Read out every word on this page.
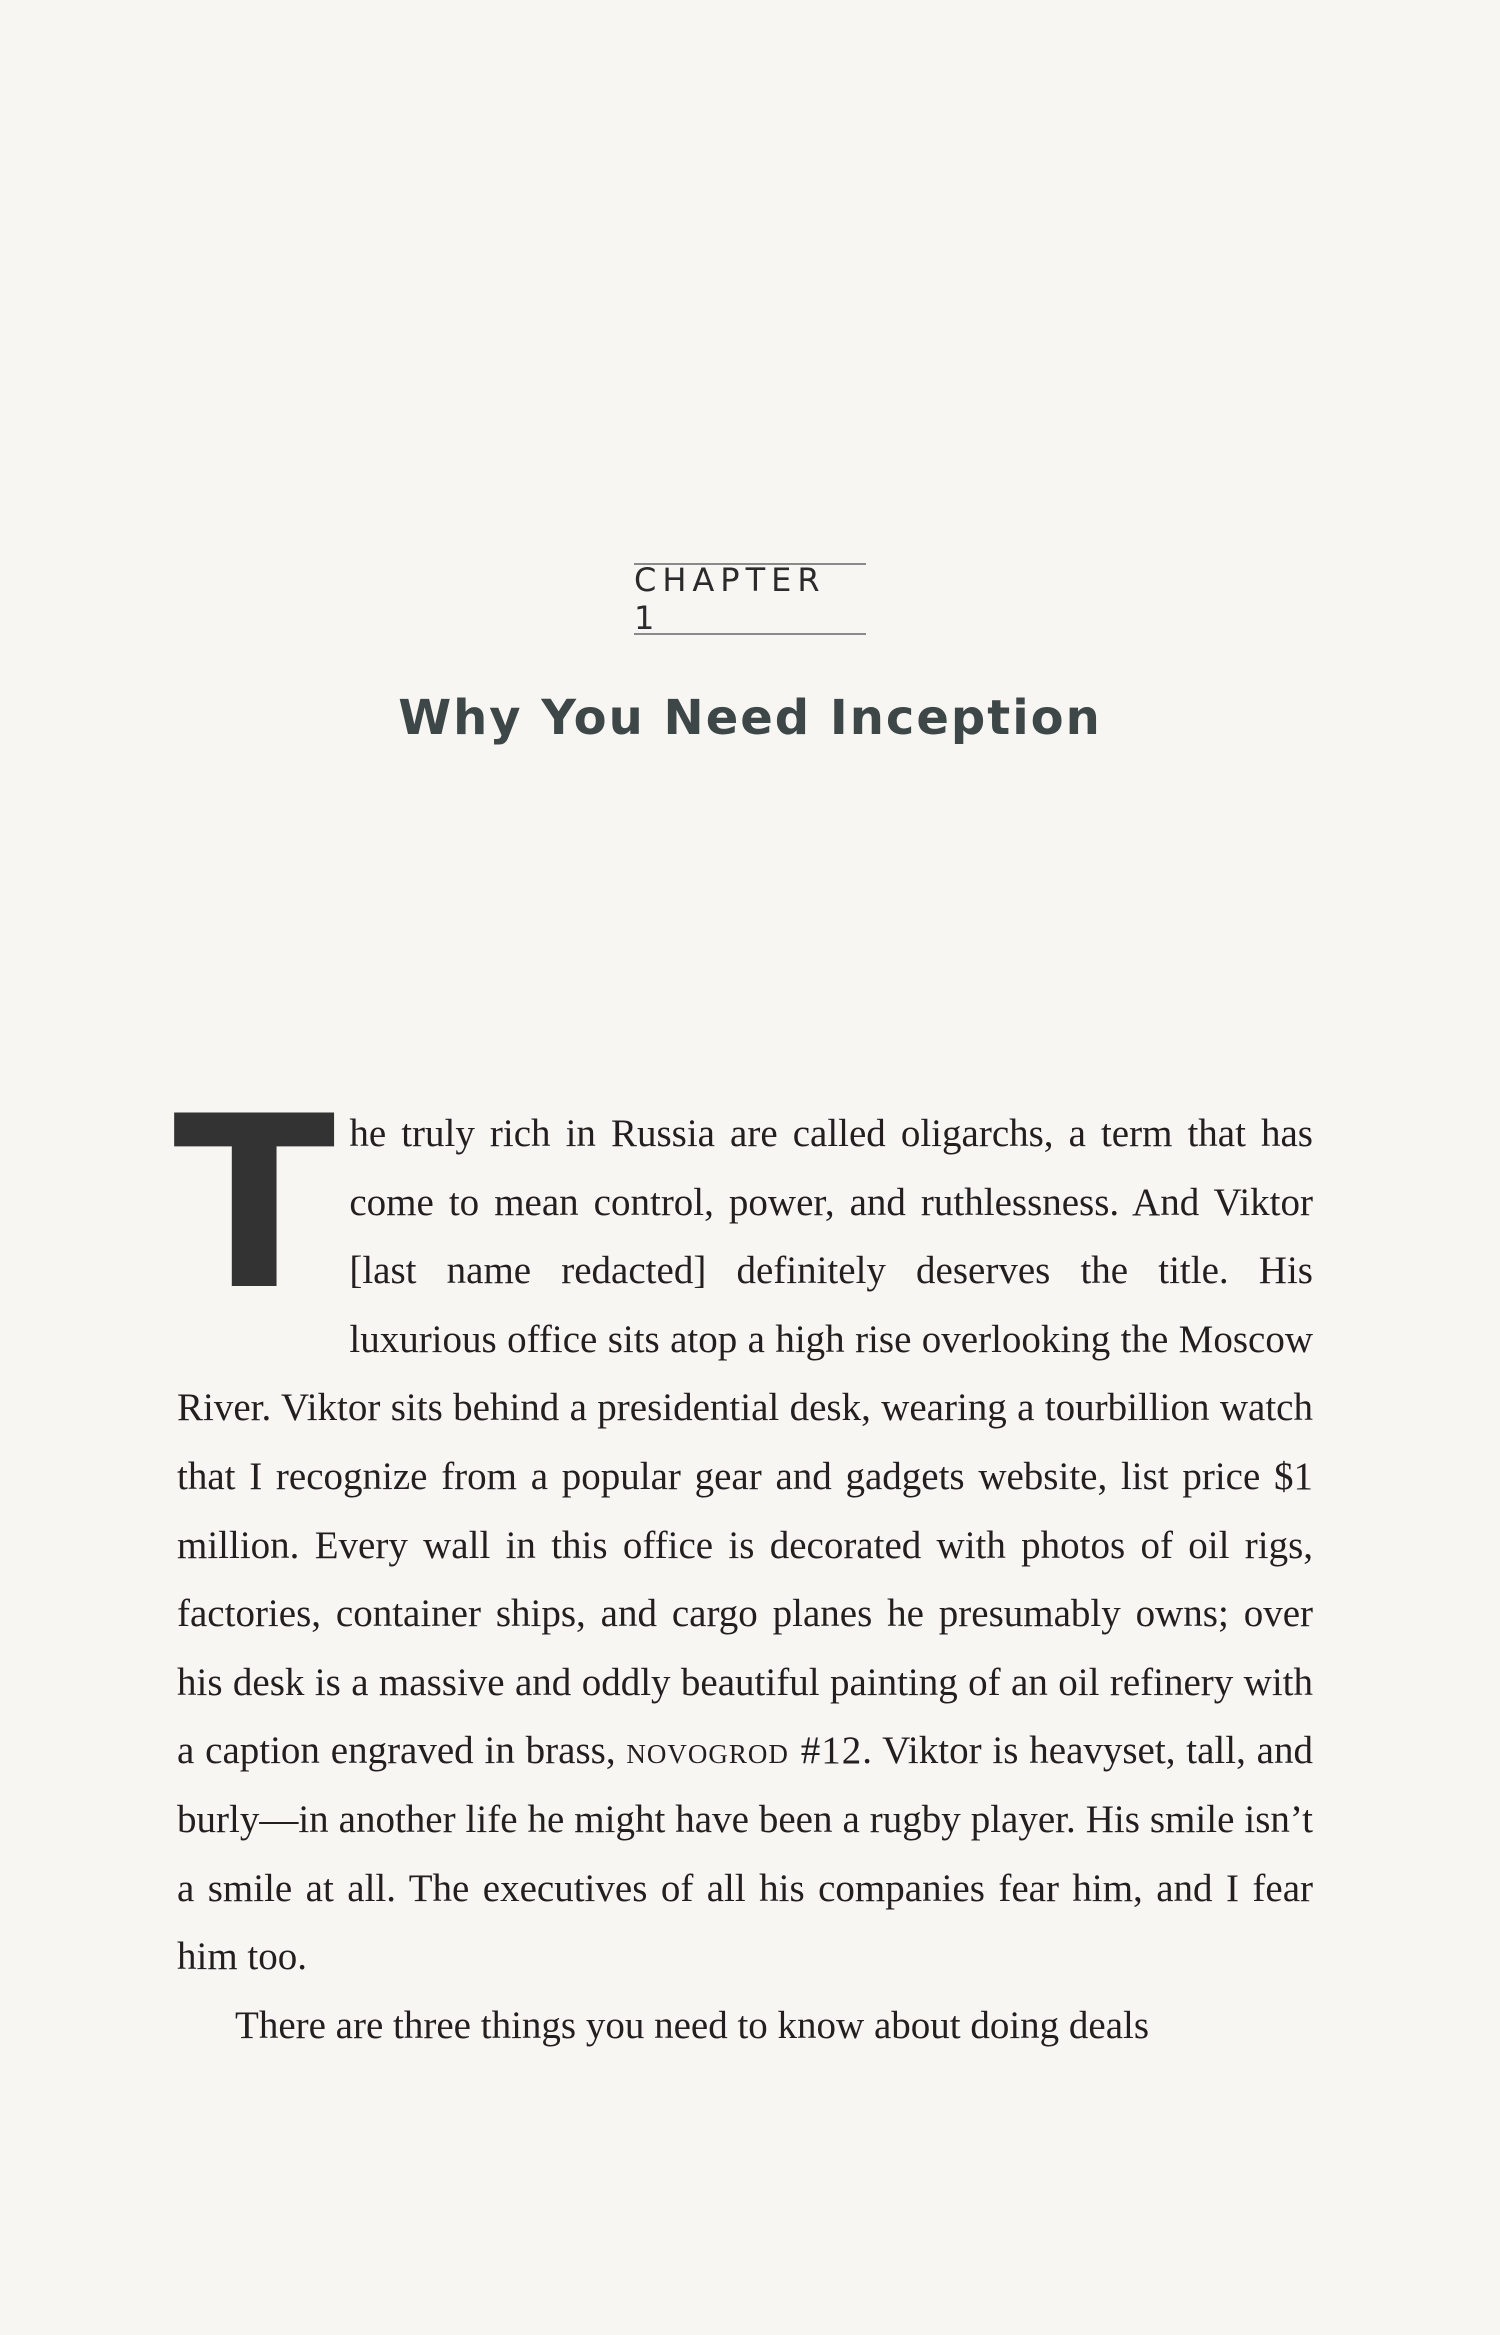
CHAPTER 1
Why You Need Inception

The truly rich in Russia are called oligarchs, a term that has come to mean control, power, and ruthlessness. And Viktor [last name redacted] definitely deserves the title. His luxurious office sits atop a high rise overlooking the Moscow River. Viktor sits behind a presidential desk, wearing a tourbillion watch that I recognize from a popular gear and gadgets website, list price $1 million. Every wall in this office is decorated with photos of oil rigs, factories, container ships, and cargo planes he presumably owns; over his desk is a massive and oddly beautiful painting of an oil refinery with a caption engraved in brass, novogrod #12. Viktor is heavyset, tall, and burly—in another life he might have been a rugby player. His smile isn’t a smile at all. The executives of all his companies fear him, and I fear him too.

There are three things you need to know about doing deals
